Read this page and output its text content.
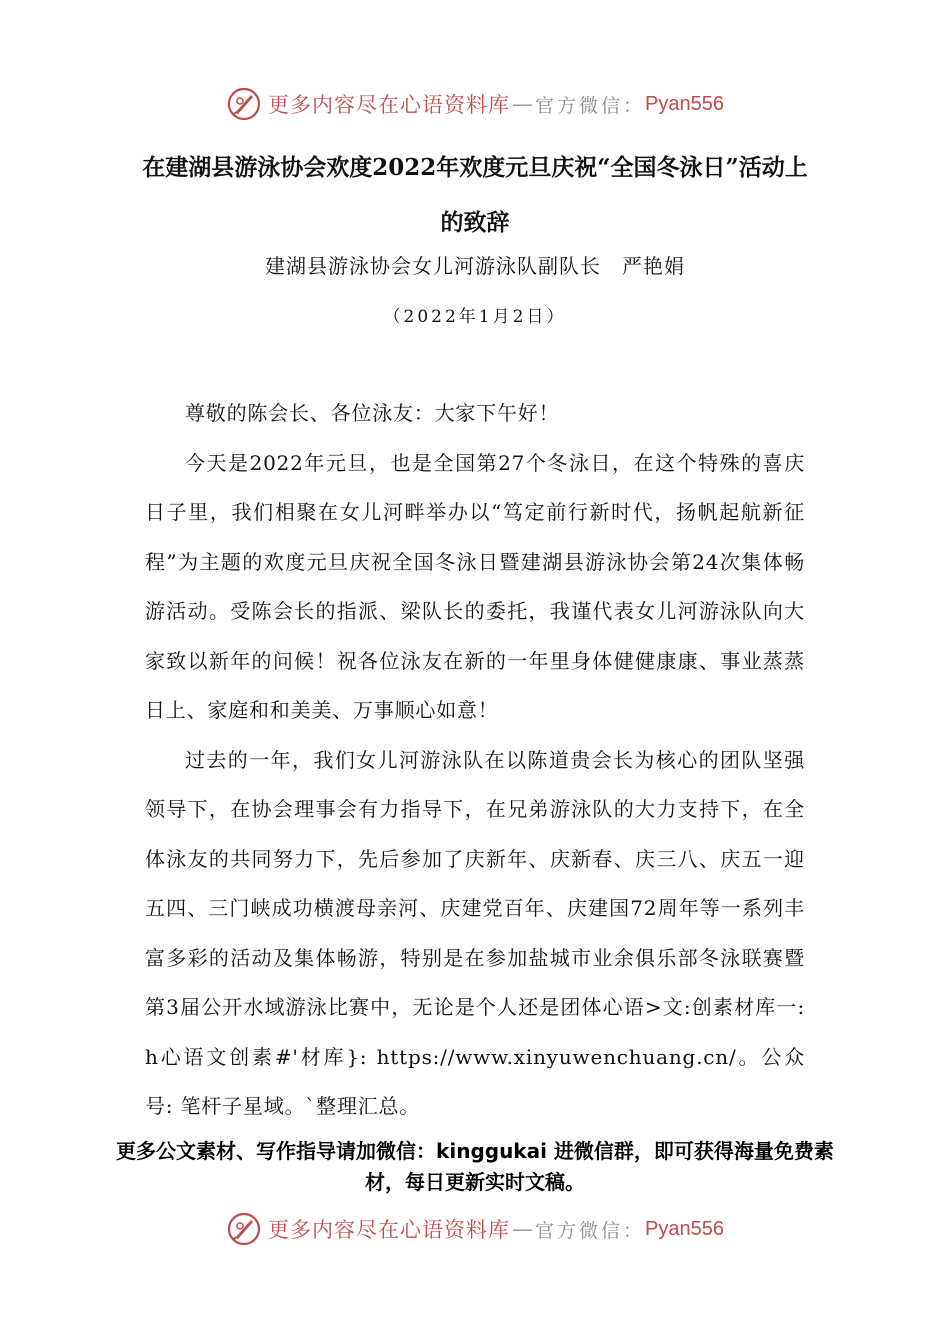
更多内容尽在心语资料库 — 官方微信： Pyan556
在建湖县游泳协会欢度2022年欢度元旦庆祝“全国冬泳日”活动上的致辞
建湖县游泳协会女儿河游泳队副队长　严艳娟
（2022年1月2日）

尊敬的陈会长、各位泳友：大家下午好！

今天是2022年元旦，也是全国第27个冬泳日，在这个特殊的喜庆日子里，我们相聚在女儿河畔举办以“笃定前行新时代，扬帆起航新征程”为主题的欢度元旦庆祝全国冬泳日暨建湖县游泳协会第24次集体畅游活动。受陈会长的指派、梁队长的委托，我谨代表女儿河游泳队向大家致以新年的问候！祝各位泳友在新的一年里身体健健康康、事业蒸蒸日上、家庭和和美美、万事顺心如意！

过去的一年，我们女儿河游泳队在以陈道贵会长为核心的团队坚强领导下，在协会理事会有力指导下，在兄弟游泳队的大力支持下，在全体泳友的共同努力下，先后参加了庆新年、庆新春、庆三八、庆五一迎五四、三门峡成功横渡母亲河、庆建党百年、庆建国72周年等一系列丰富多彩的活动及集体畅游，特别是在参加盐城市业余俱乐部冬泳联赛暨第3届公开水域游泳比赛中，无论是个人还是团体心语>文:创素材库一: h心语文创素#'材库}: https://www.xinyuwenchuang.cn/。公众号: 笔杆子星域。`整理汇总。

更多公文素材、写作指导请加微信：kinggukai 进微信群，即可获得海量免费素材，每日更新实时文稿。
更多内容尽在心语资料库 — 官方微信： Pyan556
